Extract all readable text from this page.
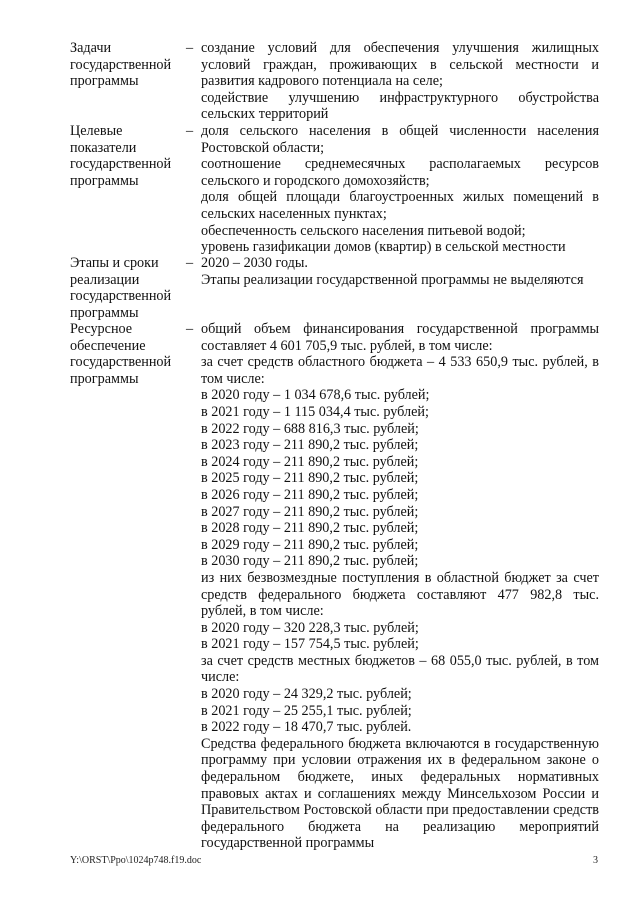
Задачи государственной программы
– создание условий для обеспечения улучшения жилищных условий граждан, проживающих в сельской местности и развития кадрового потенциала на селе;

содействие улучшению инфраструктурного обустройства сельских территорий

Целевые показатели государственной программы
– доля сельского населения в общей численности населения Ростовской области;

соотношение среднемесячных располагаемых ресурсов сельского и городского домохозяйств;

доля общей площади благоустроенных жилых помещений в сельских населенных пунктах;

обеспеченность сельского населения питьевой водой;

уровень газификации домов (квартир) в сельской местности

Этапы и сроки реализации государственной программы
– 2020 – 2030 годы.

Этапы реализации государственной программы не выделяются

Ресурсное обеспечение государственной программы
– общий объем финансирования государственной программы составляет 4 601 705,9 тыс. рублей, в том числе:

за счет средств областного бюджета – 4 533 650,9 тыс. рублей, в том числе:

в 2020 году – 1 034 678,6 тыс. рублей;

в 2021 году – 1 115 034,4 тыс. рублей;

в 2022 году – 688 816,3 тыс. рублей;

в 2023 году – 211 890,2 тыс. рублей;

в 2024 году – 211 890,2 тыс. рублей;

в 2025 году – 211 890,2 тыс. рублей;

в 2026 году – 211 890,2 тыс. рублей;

в 2027 году – 211 890,2 тыс. рублей;

в 2028 году – 211 890,2 тыс. рублей;

в 2029 году – 211 890,2 тыс. рублей;

в 2030 году – 211 890,2 тыс. рублей;

из них безвозмездные поступления в областной бюджет за счет средств федерального бюджета составляют 477 982,8 тыс. рублей, в том числе:

в 2020 году – 320 228,3 тыс. рублей;

в 2021 году – 157 754,5 тыс. рублей;

за счет средств местных бюджетов – 68 055,0 тыс. рублей, в том числе:

в 2020 году – 24 329,2 тыс. рублей;

в 2021 году – 25 255,1 тыс. рублей;

в 2022 году – 18 470,7 тыс. рублей.

Средства федерального бюджета включаются в государственную программу при условии отражения их в федеральном законе о федеральном бюджете, иных федеральных нормативных правовых актах и соглашениях между Минсельхозом России и Правительством Ростовской области при предоставлении средств федерального бюджета на реализацию мероприятий государственной программы

Y:\ORST\Ppo\1024p748.f19.doc	3
